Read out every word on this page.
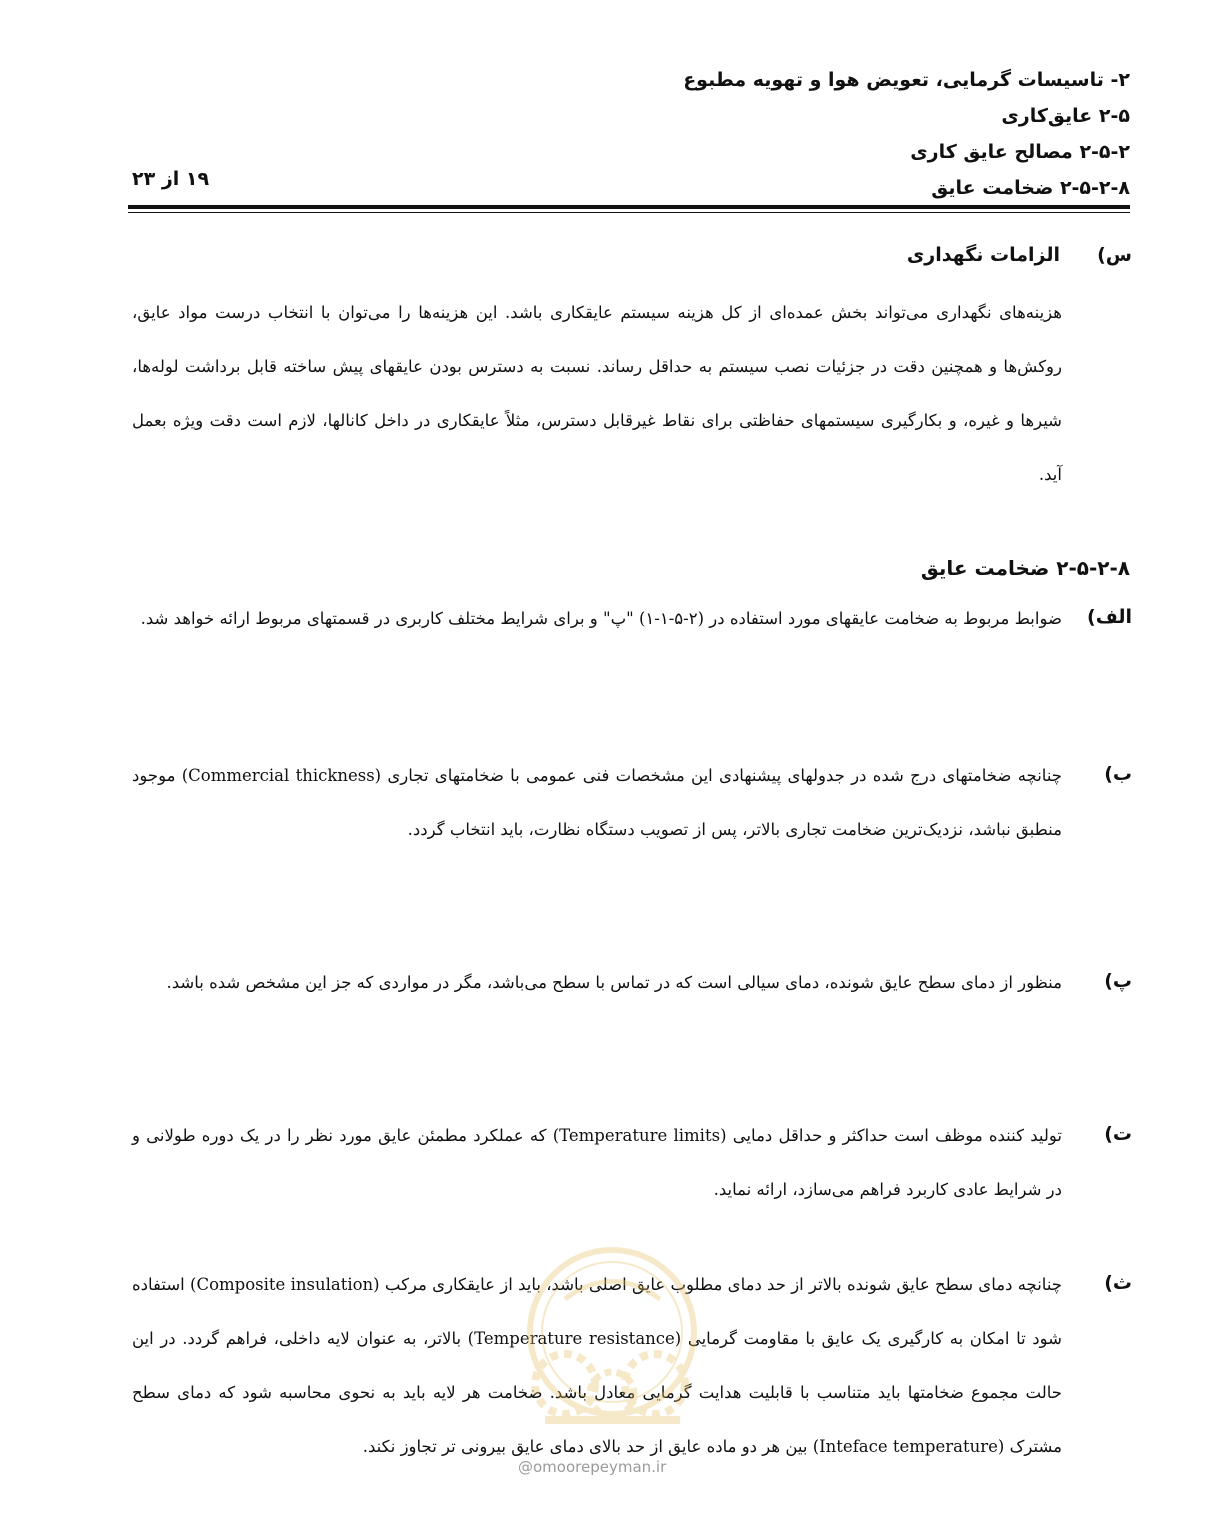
۲- تاسیسات گرمایی، تعویض هوا و تهویه مطبوع
۲-۵ عایق‌کاری
۲-۵-۲ مصالح عایق کاری
۲-۵-۲-۸ ضخامت عایق
۱۹ از ۲۳
س)
الزامات نگهداری
هزینه‌های نگهداری می‌تواند بخش عمده‌ای از کل هزینه سیستم عایقکاری باشد. این هزینه‌ها را می‌توان با انتخاب درست مواد عایق، روکش‌ها و همچنین دقت در جزئیات نصب سیستم به حداقل رساند. نسبت به دسترس بودن عایقهای پیش ساخته قابل برداشت لوله‌ها، شیرها و غیره، و بکارگیری سیستمهای حفاظتی برای نقاط غیرقابل دسترس، مثلاً عایقکاری در داخل کانالها، لازم است دقت ویژه بعمل آید.
۲-۵-۲-۸ ضخامت عایق
الف)
ضوابط مربوط به ضخامت عایقهای مورد استفاده در (۲-۵-۱-۱) "پ" و برای شرایط مختلف کاربری در قسمتهای مربوط ارائه خواهد شد.
ب)
چنانچه ضخامتهای درج شده در جدولهای پیشنهادی این مشخصات فنی عمومی با ضخامتهای تجاری (Commercial thickness) موجود منطبق نباشد، نزدیک‌ترین ضخامت تجاری بالاتر، پس از تصویب دستگاه نظارت، باید انتخاب گردد.
پ)
منظور از دمای سطح عایق شونده، دمای سیالی است که در تماس با سطح می‌باشد، مگر در مواردی که جز این مشخص شده باشد.
ت)
تولید کننده موظف است حداکثر و حداقل دمایی (Temperature limits) که عملکرد مطمئن عایق مورد نظر را در یک دوره طولانی و در شرایط عادی کاربرد فراهم می‌سازد، ارائه نماید.
ث)
چنانچه دمای سطح عایق شونده بالاتر از حد دمای مطلوب عایق اصلی باشد، باید از عایقکاری مرکب (Composite insulation) استفاده شود تا امکان به کارگیری یک عایق با مقاومت گرمایی (Temperature resistance) بالاتر، به عنوان لایه داخلی، فراهم گردد. در این حالت مجموع ضخامتها باید متناسب با قابلیت هدایت گرمایی معادل باشد. ضخامت هر لایه باید به نحوی محاسبه شود که دمای سطح مشترک (Inteface temperature) بین هر دو ماده عایق از حد بالای دمای عایق بیرونی تر تجاوز نکند.
@omoorepeyman.ir
